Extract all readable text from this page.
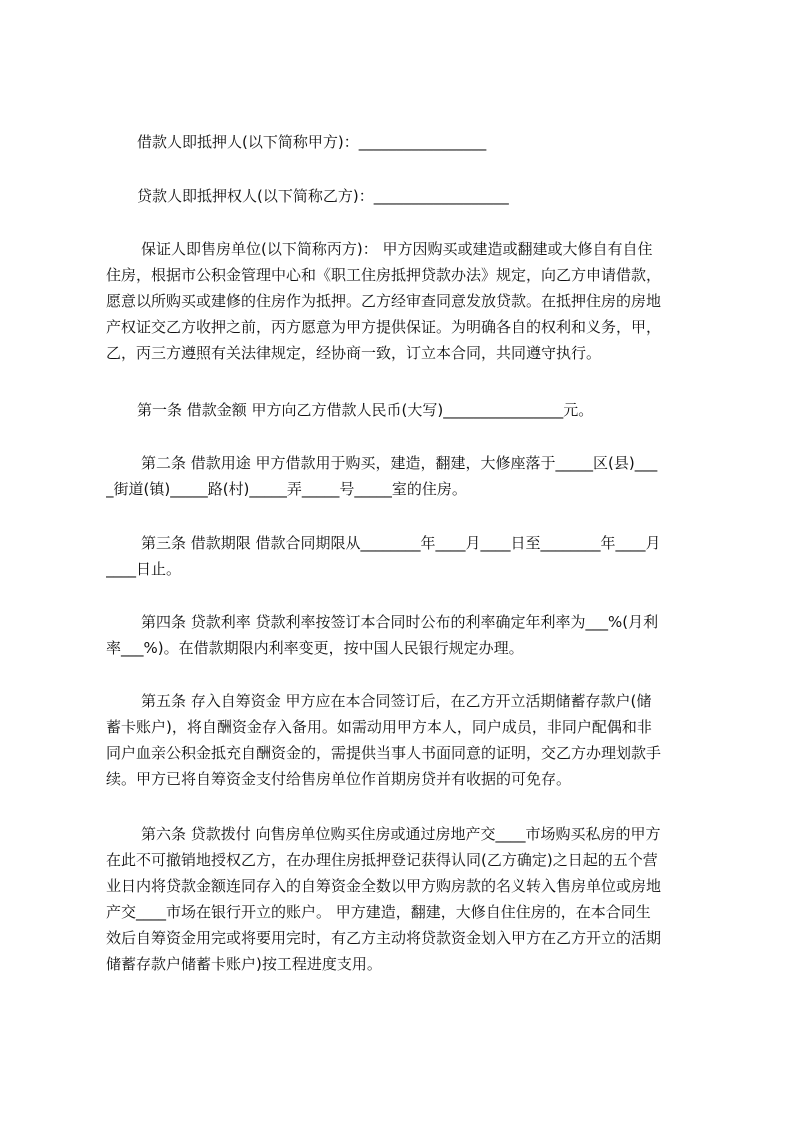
借款人即抵押人(以下简称甲方)：_________________
贷款人即抵押权人(以下简称乙方)：__________________
保证人即售房单位(以下简称丙方)： 甲方因购买或建造或翻建或大修自有自住
住房，根据市公积金管理中心和《职工住房抵押贷款办法》规定，向乙方申请借款，
愿意以所购买或建修的住房作为抵押。乙方经审查同意发放贷款。在抵押住房的房地
产权证交乙方收押之前，丙方愿意为甲方提供保证。为明确各自的权利和义务，甲，
乙，丙三方遵照有关法律规定，经协商一致，订立本合同，共同遵守执行。
第一条 借款金额 甲方向乙方借款人民币(大写)________________元。
第二条 借款用途 甲方借款用于购买，建造，翻建，大修座落于_____区(县)___
_街道(镇)_____路(村)_____弄_____号_____室的住房。
第三条 借款期限 借款合同期限从________年____月____日至________年____月
____日止。
第四条 贷款利率 贷款利率按签订本合同时公布的利率确定年利率为___%(月利
率___%)。在借款期限内利率变更，按中国人民银行规定办理。
第五条 存入自筹资金 甲方应在本合同签订后，在乙方开立活期储蓄存款户(储
蓄卡账户)，将自酬资金存入备用。如需动用甲方本人，同户成员，非同户配偶和非
同户血亲公积金抵充自酬资金的，需提供当事人书面同意的证明，交乙方办理划款手
续。甲方已将自筹资金支付给售房单位作首期房贷并有收据的可免存。
第六条 贷款拨付 向售房单位购买住房或通过房地产交____市场购买私房的甲方
在此不可撤销地授权乙方，在办理住房抵押登记获得认同(乙方确定)之日起的五个营
业日内将贷款金额连同存入的自筹资金全数以甲方购房款的名义转入售房单位或房地
产交____市场在银行开立的账户。 甲方建造，翻建，大修自住住房的，在本合同生
效后自筹资金用完或将要用完时，有乙方主动将贷款资金划入甲方在乙方开立的活期
储蓄存款户储蓄卡账户)按工程进度支用。
